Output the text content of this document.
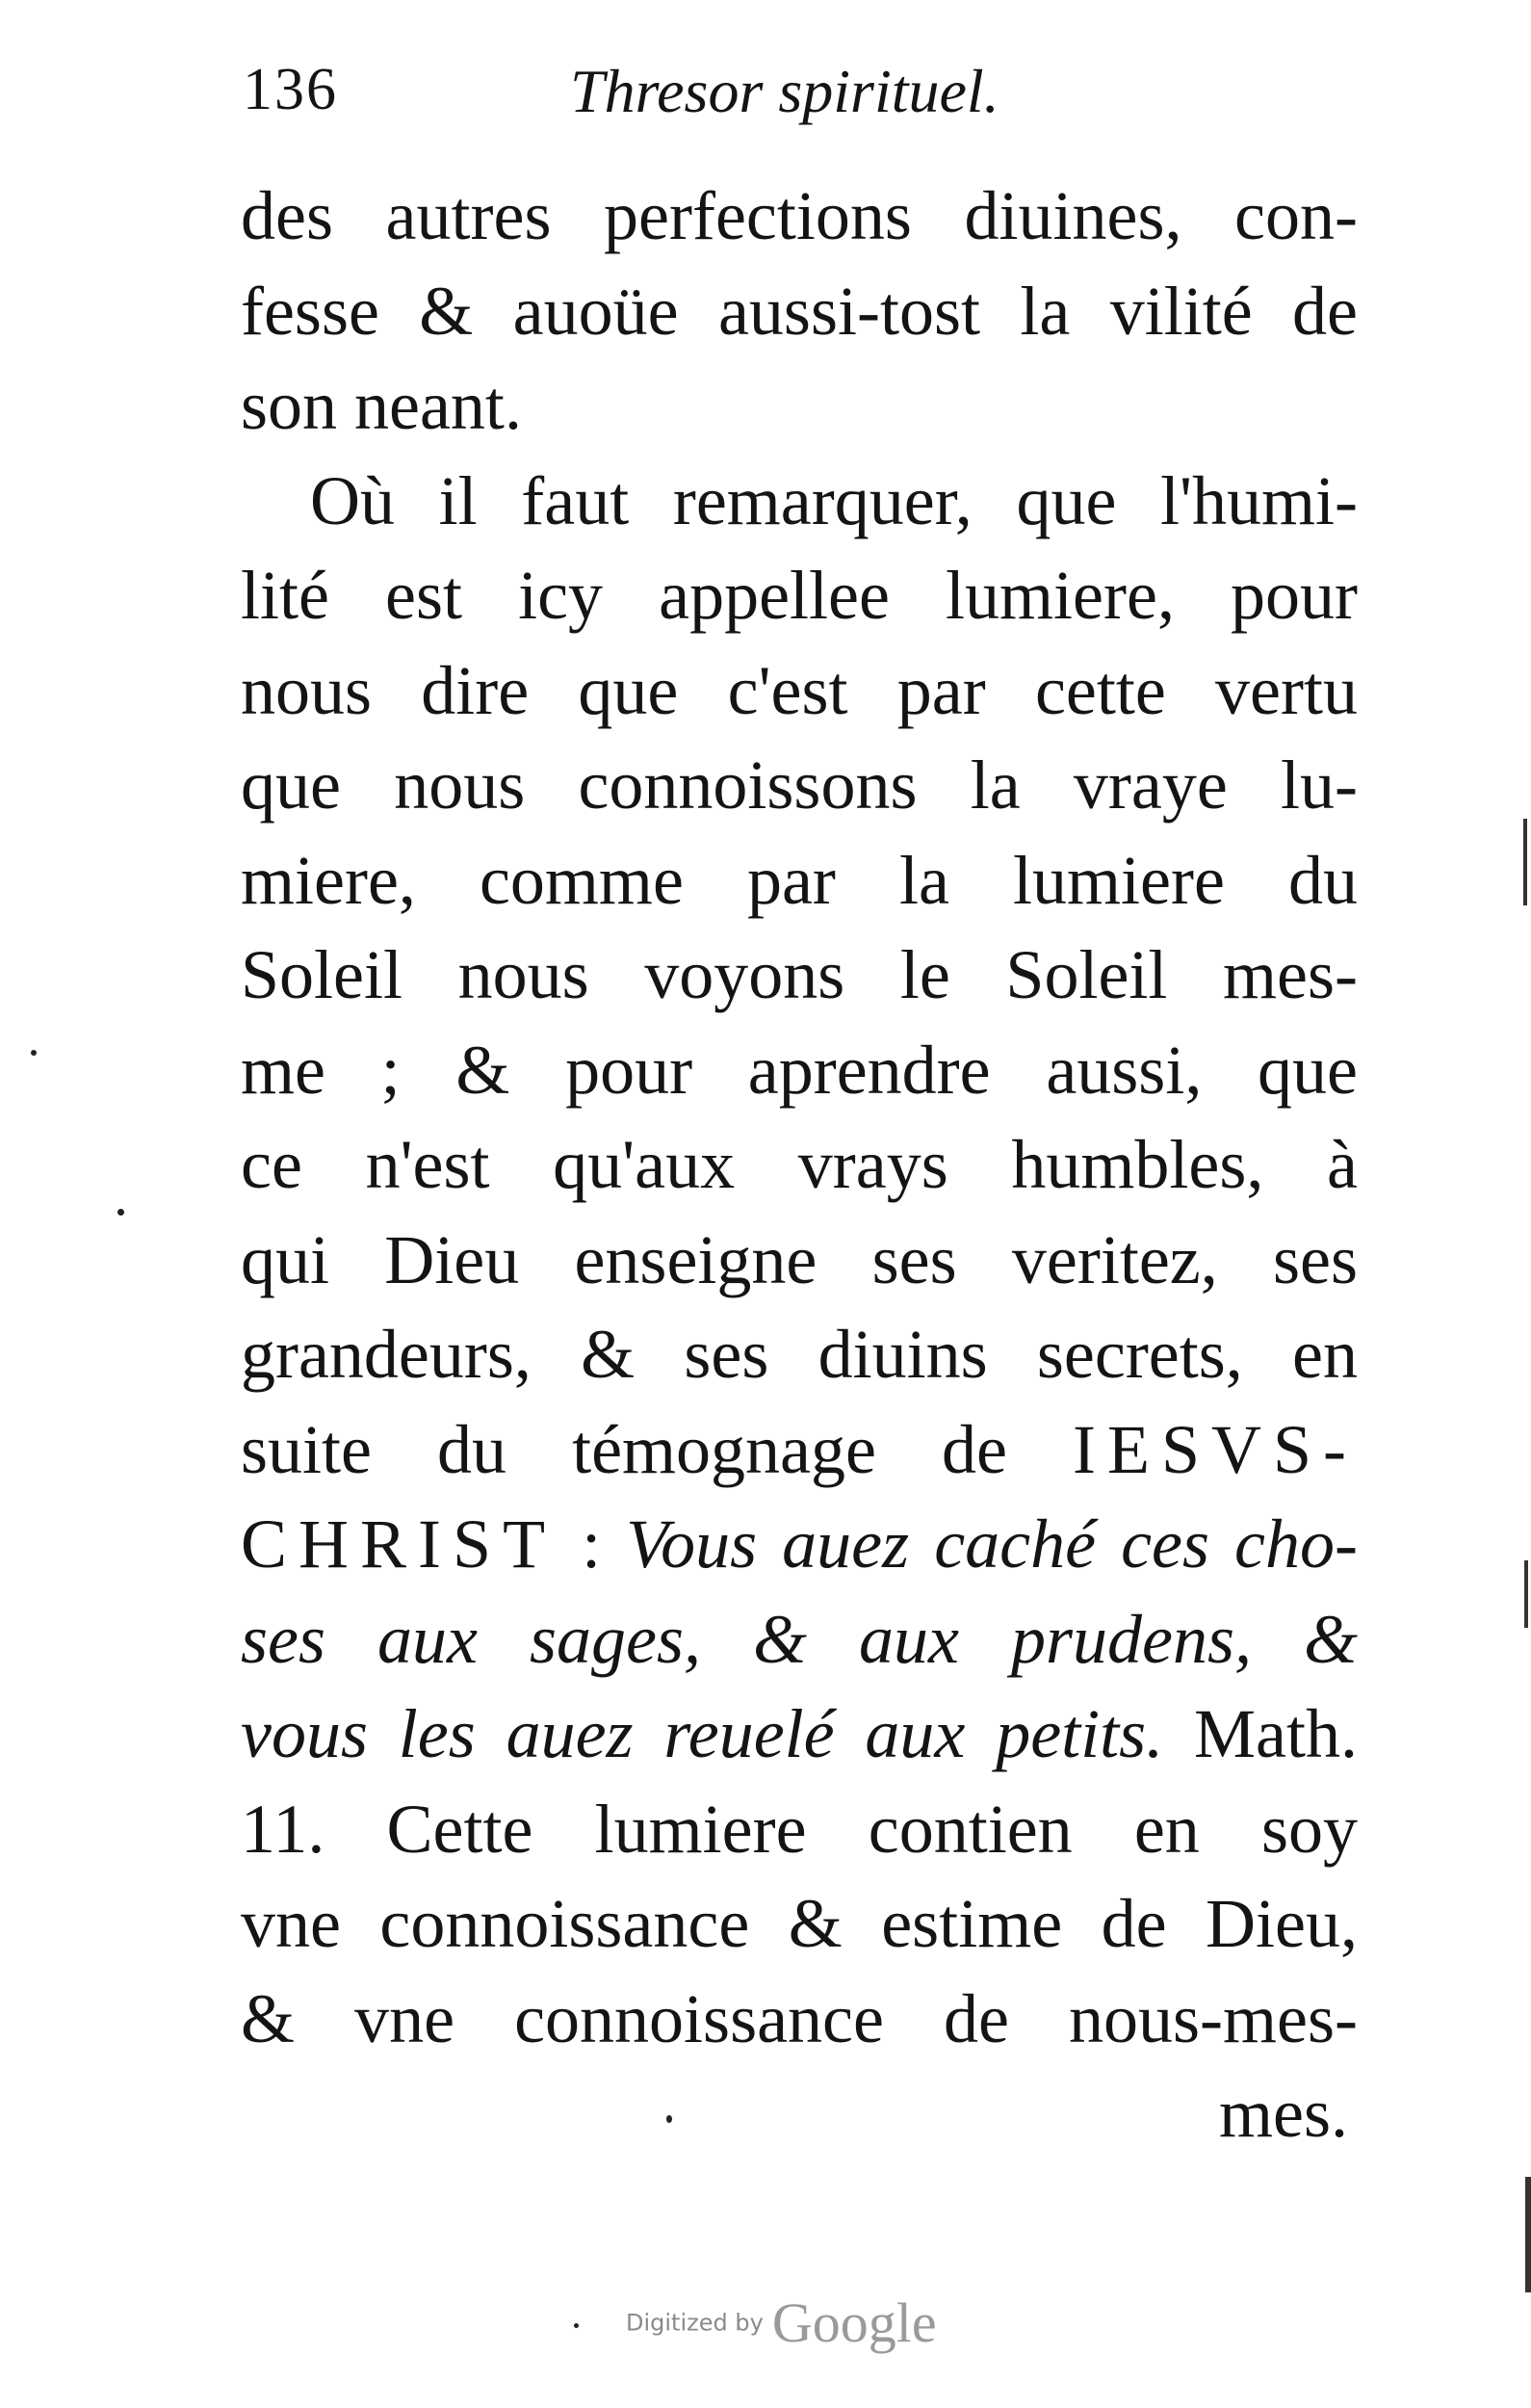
136	Thresor spirituel.
des autres perfections diuines, con-
fesse & auoüe aussi-tost la vilité de
son neant.
Où il faut remarquer, que l'humi-
lité est icy appellee lumiere, pour
nous dire que c'est par cette vertu
que nous connoissons la vraye lu-
miere, comme par la lumiere du
Soleil nous voyons le Soleil mes-
me ; & pour aprendre aussi, que
ce n'est qu'aux vrays humbles, à
qui Dieu enseigne ses veritez, ses
grandeurs, & ses diuins secrets, en
suite du témognage de IESVS-
CHRIST : Vous auez caché ces cho-
ses aux sages, & aux prudens, &
vous les auez reuelé aux petits. Math.
11. Cette lumiere contien en soy
vne connoissance & estime de Dieu,
& vne connoissance de nous-mes-
mes.
Digitized by Google
